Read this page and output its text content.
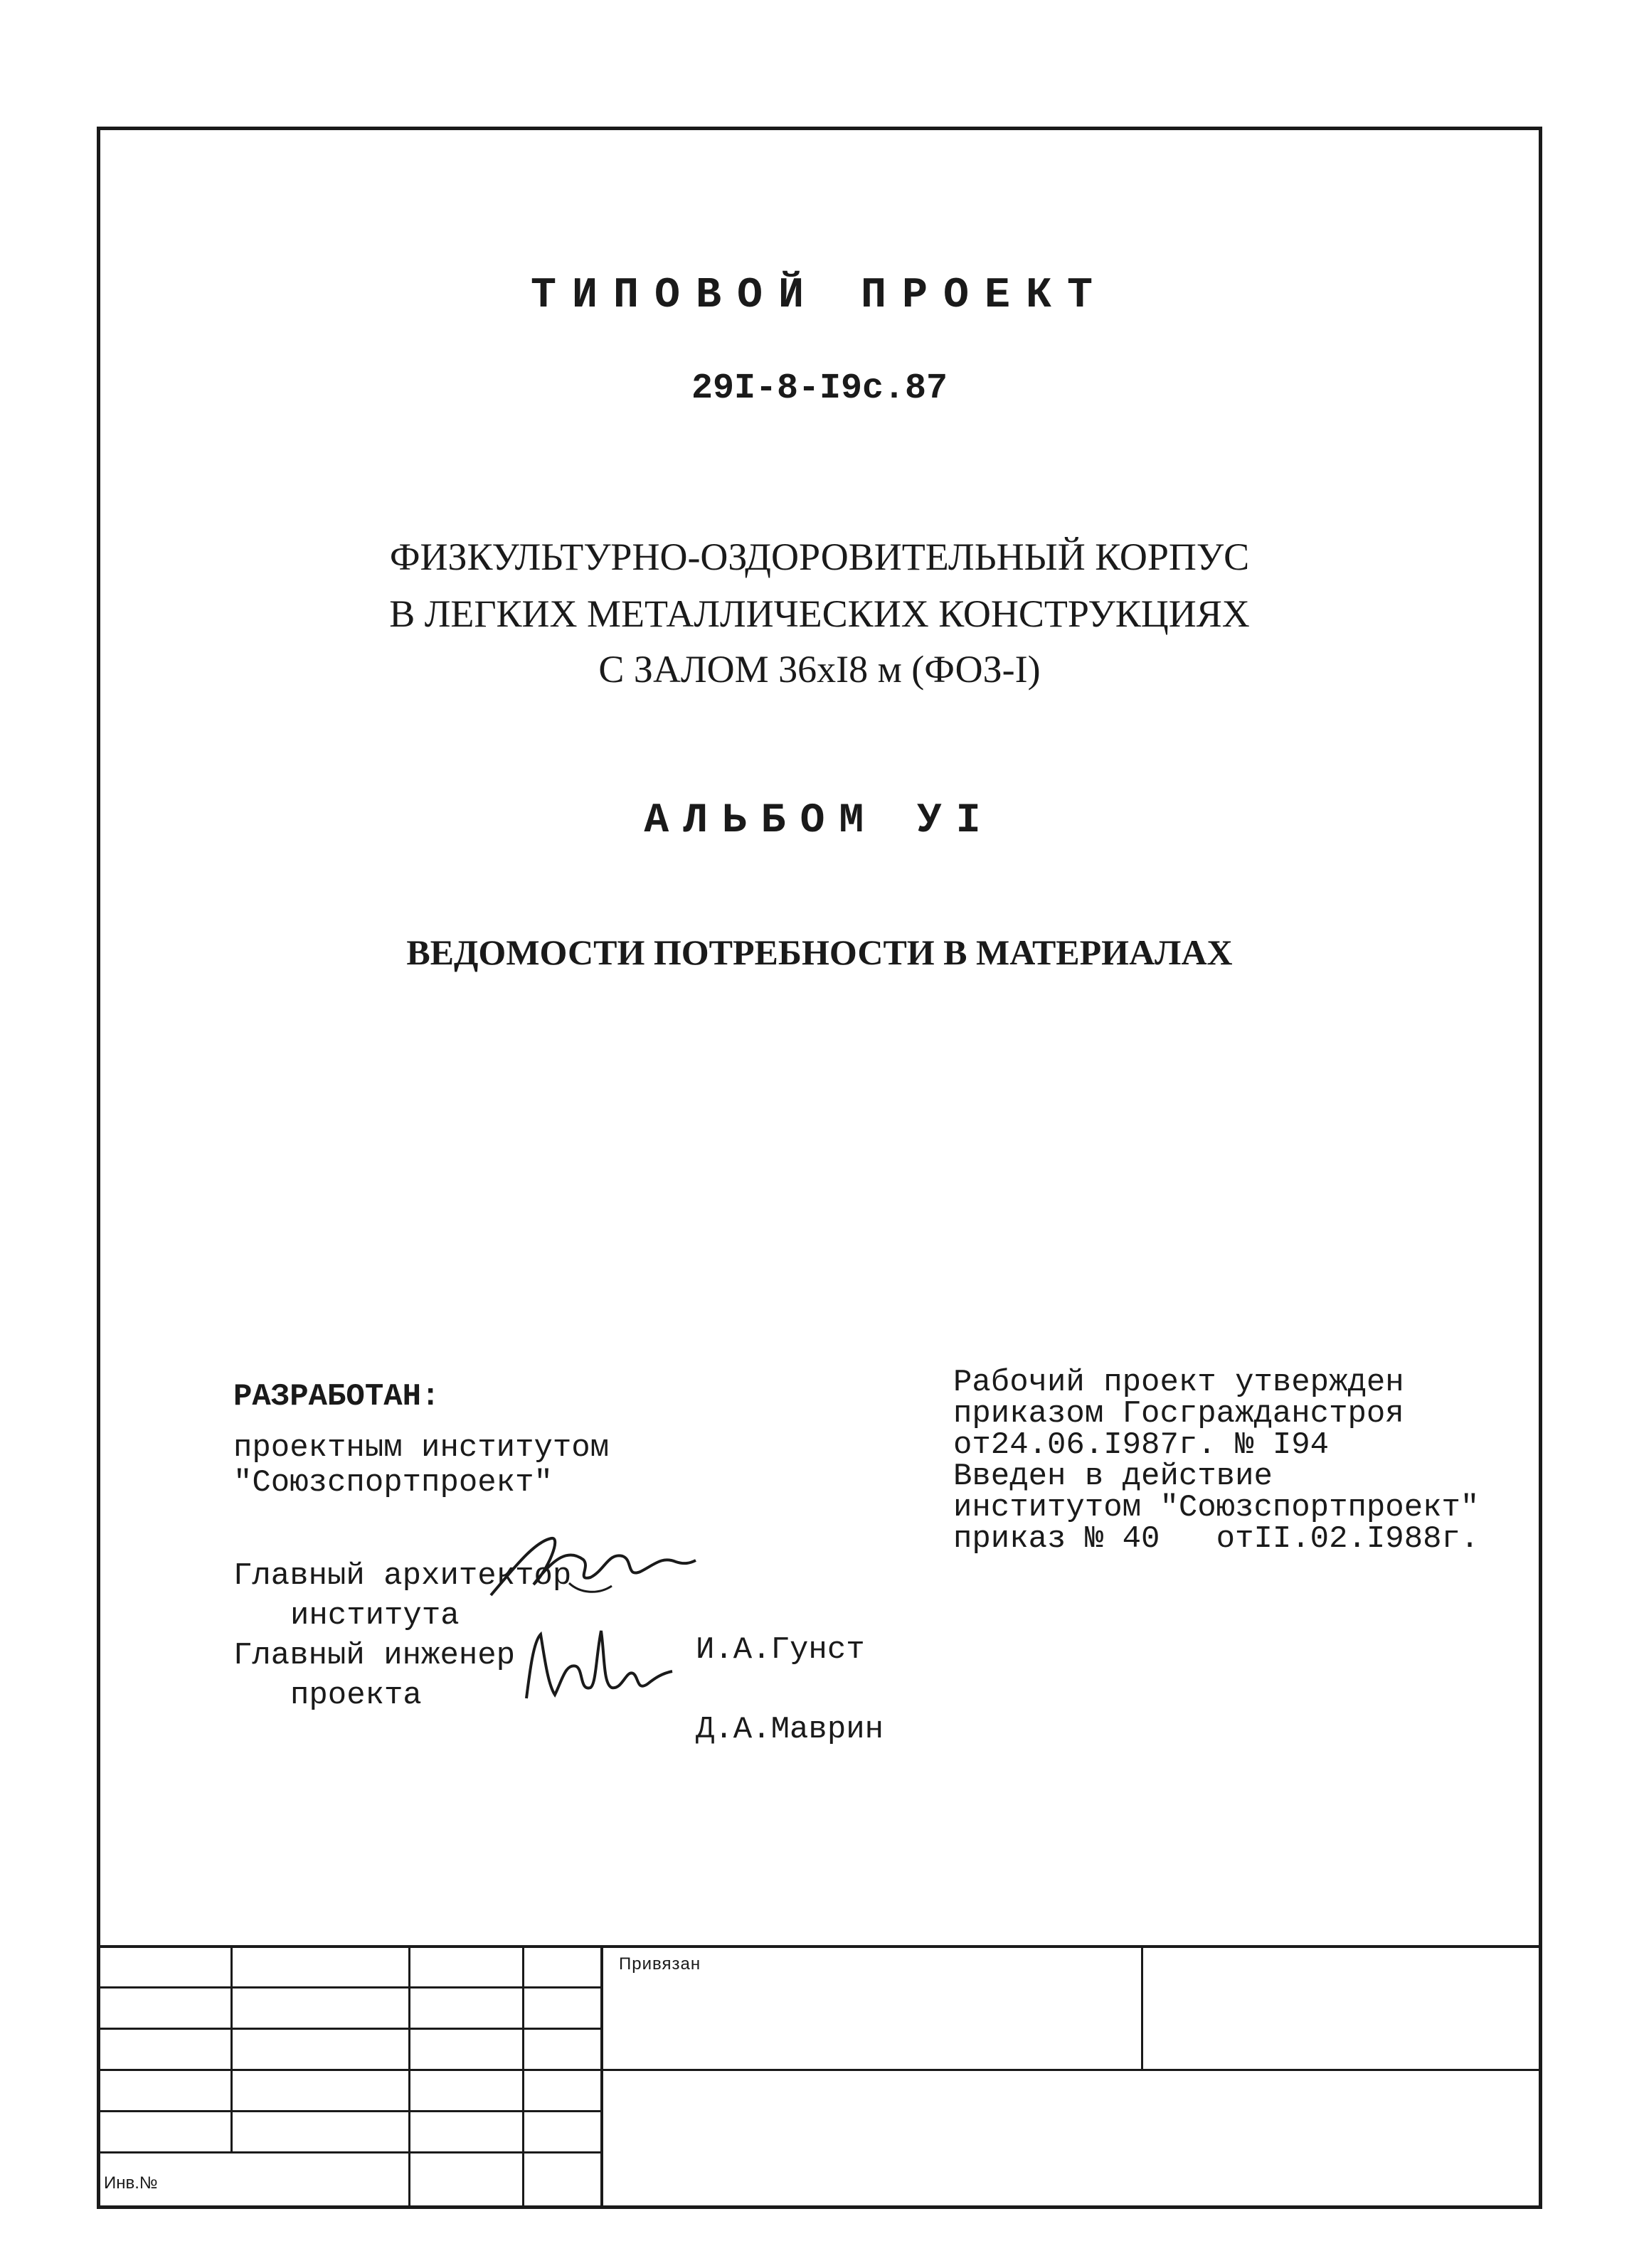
ТИПОВОЙ ПРОЕКТ
29I-8-I9с.87
ФИЗКУЛЬТУРНО-ОЗДОРОВИТЕЛЬНЫЙ КОРПУС
В ЛЕГКИХ МЕТАЛЛИЧЕСКИХ КОНСТРУКЦИЯХ
С ЗАЛОМ 36хI8 м (ФОЗ-I)
АЛЬБОМ УI
ВЕДОМОСТИ ПОТРЕБНОСТИ В МАТЕРИАЛАХ
РАЗРАБОТАН:
проектным институтом
"Союзспортпроект"

Главный архитектор

института

И.А.Гунст

Главный инженер

проекта

Д.А.Маврин

Рабочий проект утвержден
приказом Госгражданстроя
от24.06.I987г. № I94
Введен в действие
институтом "Союзспортпроект"
приказ № 40   отII.02.I988г.
Привязан
Инв.№
